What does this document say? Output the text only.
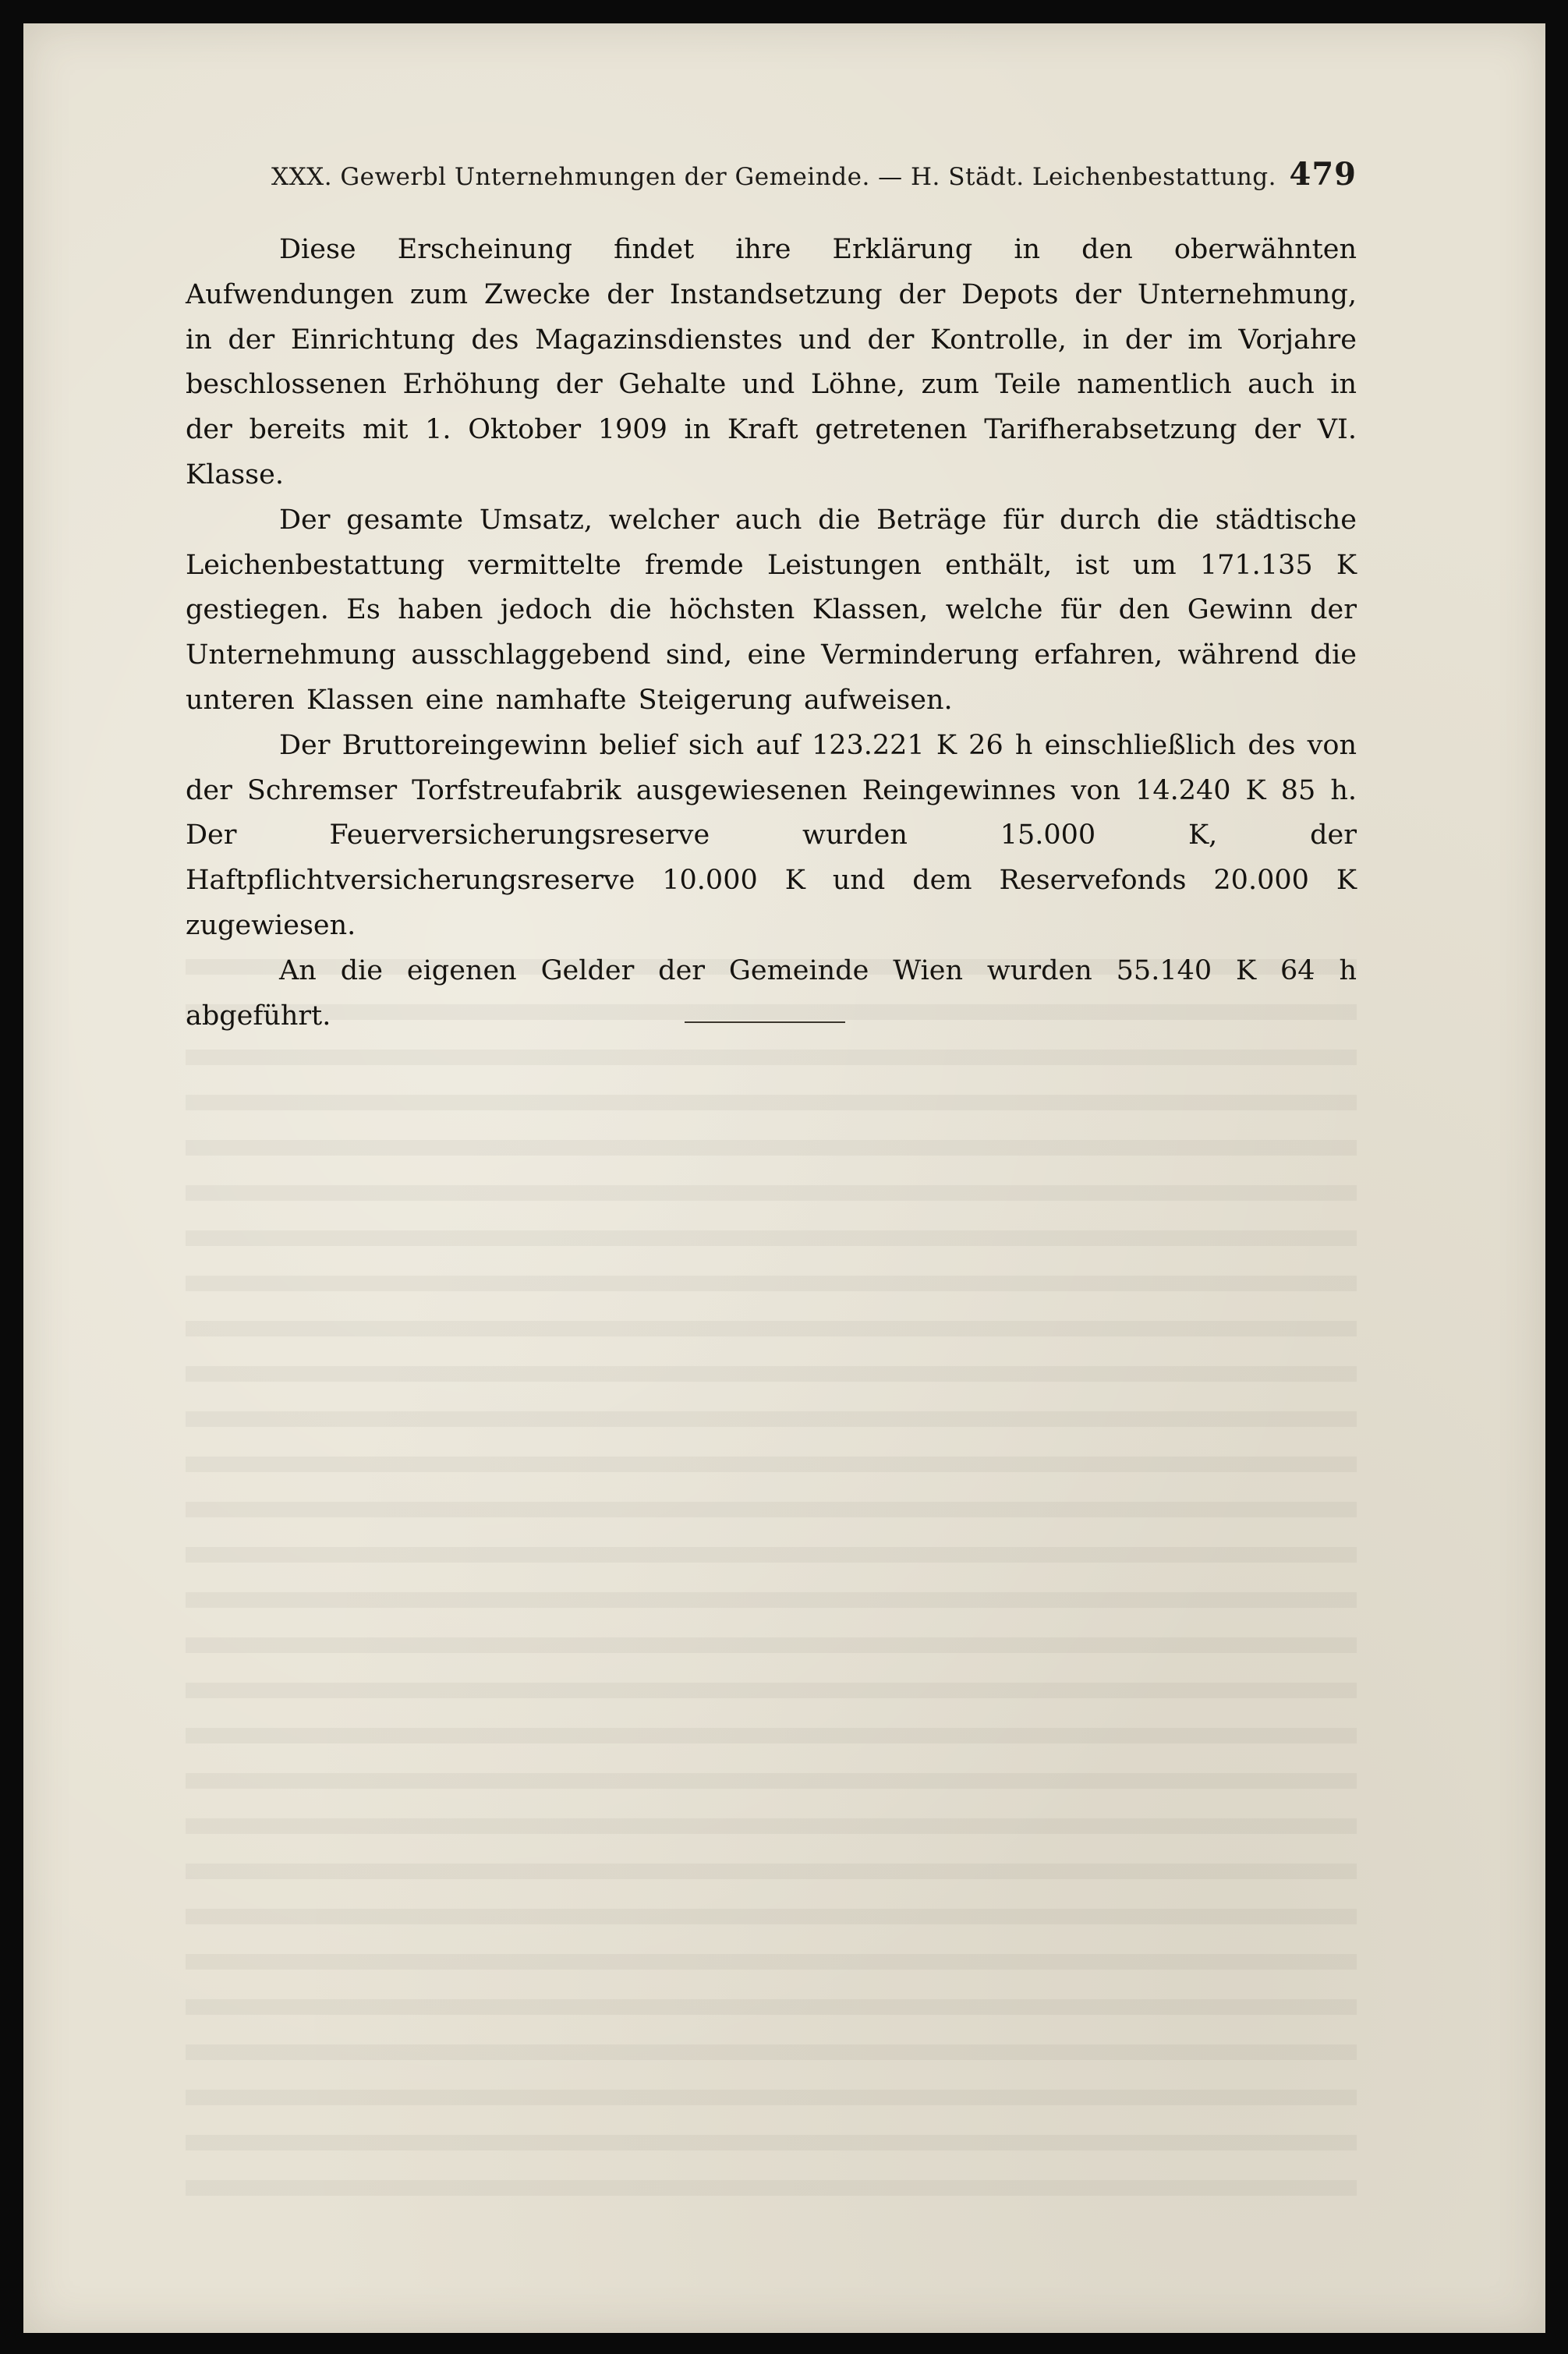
XXX. Gewerbl Unternehmungen der Gemeinde. — H. Städt. Leichenbestattung. 479

Diese Erscheinung findet ihre Erklärung in den oberwähnten Aufwendungen zum Zwecke der Instandsetzung der Depots der Unternehmung, in der Einrichtung des Magazinsdienstes und der Kontrolle, in der im Vorjahre beschlossenen Erhöhung der Gehalte und Löhne, zum Teile namentlich auch in der bereits mit 1. Oktober 1909 in Kraft getretenen Tarifherabsetzung der VI. Klasse.

Der gesamte Umsatz, welcher auch die Beträge für durch die städtische Leichenbestattung vermittelte fremde Leistungen enthält, ist um 171.135 K gestiegen. Es haben jedoch die höchsten Klassen, welche für den Gewinn der Unternehmung ausschlaggebend sind, eine Verminderung erfahren, während die unteren Klassen eine namhafte Steigerung aufweisen.

Der Bruttoreingewinn belief sich auf 123.221 K 26 h einschließlich des von der Schremser Torfstreufabrik ausgewiesenen Reingewinnes von 14.240 K 85 h. Der Feuerversicherungsreserve wurden 15.000 K, der Haftpflichtversicherungsreserve 10.000 K und dem Reservefonds 20.000 K zugewiesen.

An die eigenen Gelder der Gemeinde Wien wurden 55.140 K 64 h abgeführt.
